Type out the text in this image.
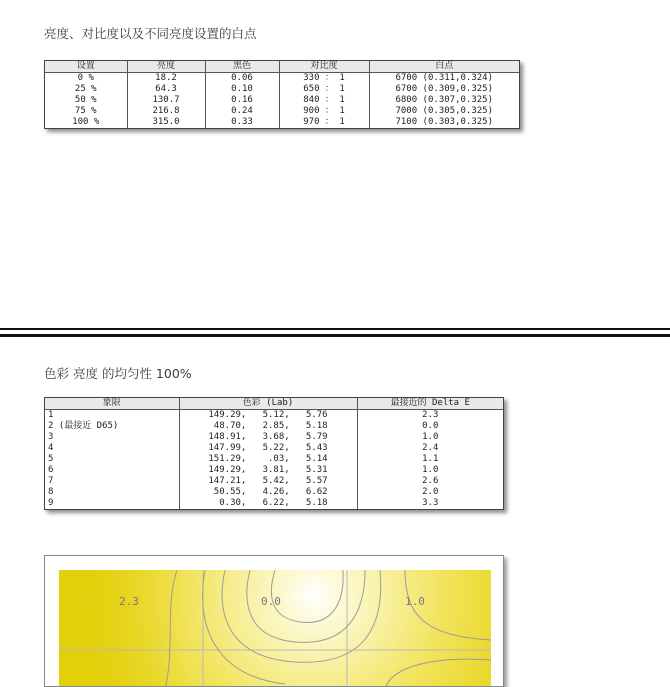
亮度、对比度以及不同亮度设置的白点
设置	亮度	黑色	对比度	白点
0 %	18.2	0.06	330 ： 1	6700 (0.311,0.324)
25 %	64.3	0.10	650 ： 1	6700 (0.309,0.325)
50 %	130.7	0.16	840 ： 1	6800 (0.307,0.325)
75 %	216.8	0.24	900 ： 1	7000 (0.305,0.325)
100 %	315.0	0.33	970 ： 1	7100 (0.303,0.325)
色彩 亮度 的均匀性 100%
象限	色彩 (Lab)	最接近的 Delta E
1	149.29,   5.12,   5.76	2.3
2 (最接近 D65)	48.70,   2.85,   5.18	0.0
3	148.91,   3.68,   5.79	1.0
4	147.99,   5.22,   5.43	2.4
5	151.29,    .03,   5.14	1.1
6	149.29,   3.81,   5.31	1.0
7	147.21,   5.42,   5.57	2.6
8	50.55,   4.26,   6.62	2.0
9	0.30,   6.22,   5.18	3.3
2.3	0.0	1.0
